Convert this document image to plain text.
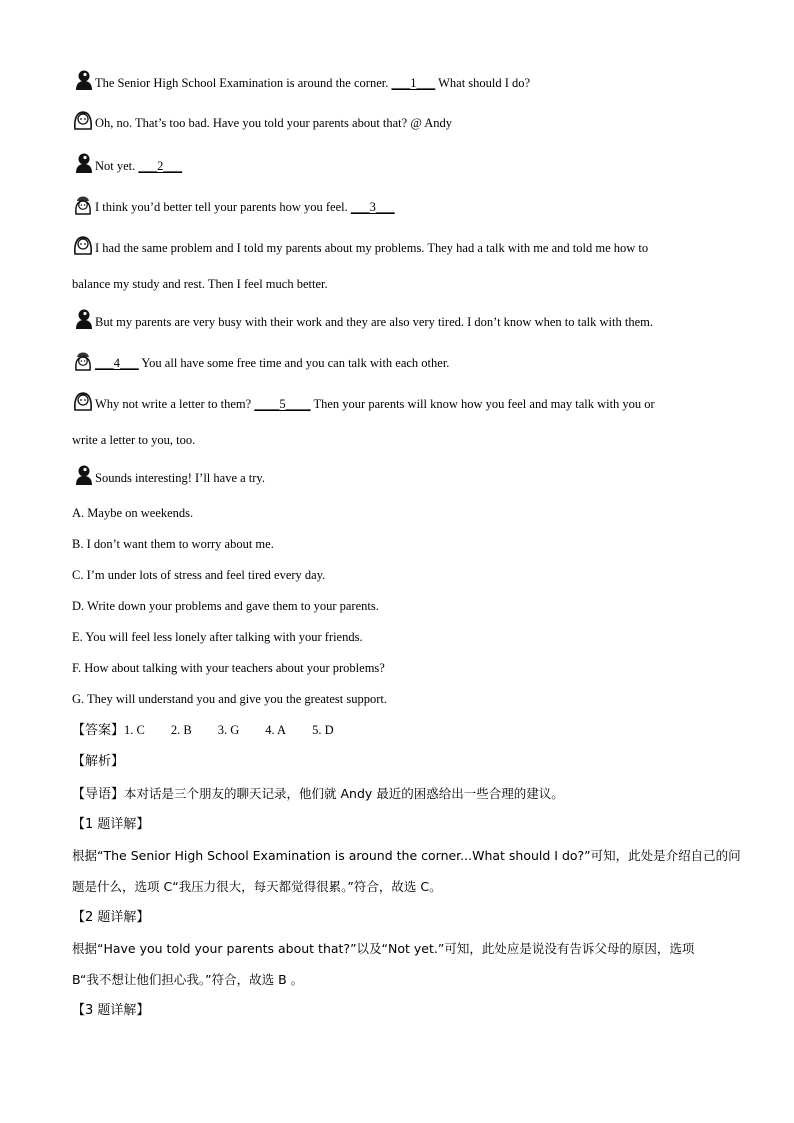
The Senior High School Examination is around the corner. ___1___ What should I do?
Oh, no. That’s too bad. Have you told your parents about that? @ Andy
Not yet. ___2___
I think you’d better tell your parents how you feel. ___3___
I had the same problem and I told my parents about my problems. They had a talk with me and told me how to
balance my study and rest. Then I feel much better.
But my parents are very busy with their work and they are also very tired. I don’t know when to talk with them.
___4___ You all have some free time and you can talk with each other.
Why not write a letter to them? ____5____ Then your parents will know how you feel and may talk with you or
write a letter to you, too.
Sounds interesting! I’ll have a try.
A. Maybe on weekends.
B. I don’t want them to worry about me.
C. I’m under lots of stress and feel tired every day.
D. Write down your problems and gave them to your parents.
E. You will feel less lonely after talking with your friends.
F. How about talking with your teachers about your problems?
G. They will understand you and give you the greatest support.
【答案】1. C 2. B 3. G 4. A 5. D
【解析】
【导语】本对话是三个朋友的聊天记录，他们就 Andy 最近的困惑给出一些合理的建议。
【1 题详解】
根据“The Senior High School Examination is around the corner...What should I do?”可知，此处是介绍自己的问
题是什么，选项 C“我压力很大，每天都觉得很累。”符合，故选 C。
【2 题详解】
根据“Have you told your parents about that?”以及“Not yet.”可知，此处应是说没有告诉父母的原因，选项
B“我不想让他们担心我。”符合，故选 B 。
【3 题详解】
